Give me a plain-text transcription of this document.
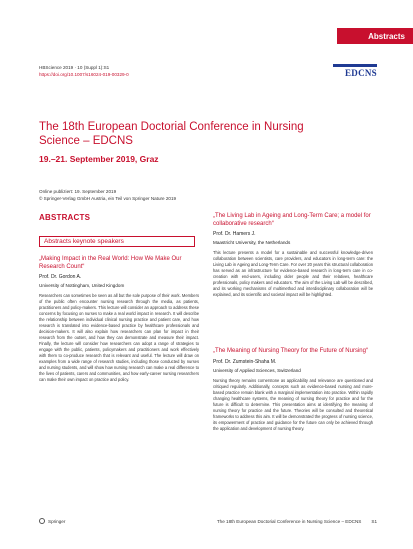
Abstracts
HBScience 2019 · 10 (Suppl 1):S1
https://doi.org/10.1007/s16024-019-00329-0	EDCNS
The 18th European Doctorial Conference in Nursing Science – EDCNS
19.–21. September 2019, Graz
Online publiziert: 19. September 2019
© Springer-Verlag GmbH Austria, ein Teil von Springer Nature 2019
ABSTRACTS
Abstracts keynote speakers
„Making Impact in the Real World: How We Make Our Research Count“
Prof. Dr. Gordon A.
University of Nottingham, United Kingdom
Researchers can sometimes be seen as all but the sole purpose of their work. Members of the public often encounter nursing research through the media, as patients, practitioners and policy-makers. This lecture will consider an approach to address these concerns by focusing on nurses to make a real world impact in research. It will describe the relationship between individual clinical nursing practice and patient care, and how research is translated into evidence-based practice by healthcare professionals and decision-makers. It will also explain how researchers can plan for impact in their research from the outset, and how they can demonstrate and measure their impact. Finally, the lecture will consider how researchers can adopt a range of strategies to engage with the public, patients, policymakers and practitioners and work effectively with them to co-produce research that is relevant and useful. The lecture will draw on examples from a wide range of research studies, including those conducted by nurses and nursing students, and will show how nursing research can make a real difference to the lives of patients, carers and communities, and how early-career nursing researchers can make their own impact on practice and policy.
„The Living Lab in Ageing and Long-Term Care; a model for collaborative research“
Prof. Dr. Hamers J.
Maastricht University, the Netherlands
This lecture presents a model for a sustainable and successful knowledge-driven collaboration between scientists, care providers, and educators in long-term care: the Living Lab in Ageing and Long-Term Care. For over 20 years this structural collaboration has served as an infrastructure for evidence-based research in long-term care in co-creation with end-users, including older people and their relatives, healthcare professionals, policy makers and educators. The aim of the Living Lab will be described, and its working mechanisms of multimethod and interdisciplinary collaboration will be explained, and its scientific and societal impact will be highlighted.
„The Meaning of Nursing Theory for the Future of Nursing“
Prof. Dr. Zumstein-Shaha M.
University of Applied Sciences, Switzerland
Nursing theory remains cornerstone as applicability and relevance are questioned and critiqued regularly. Additionally, concepts such as evidence-based nursing and more-based practice remain blank with a marginal implementation into practice. Within rapidly changing healthcare systems, the meaning of nursing theory for practice and for the future is difficult to determine. This presentation aims at identifying the meaning of nursing theory for practice and the future. Theories will be consulted and theoretical frameworks to address this aim. It will be demonstrated the progress of nursing science, its empowerment of practice and guidance for the future can only be achieved through the application and development of nursing theory.
Springer	The 18th European Doctorial Conference in Nursing Science – EDCNS S1
